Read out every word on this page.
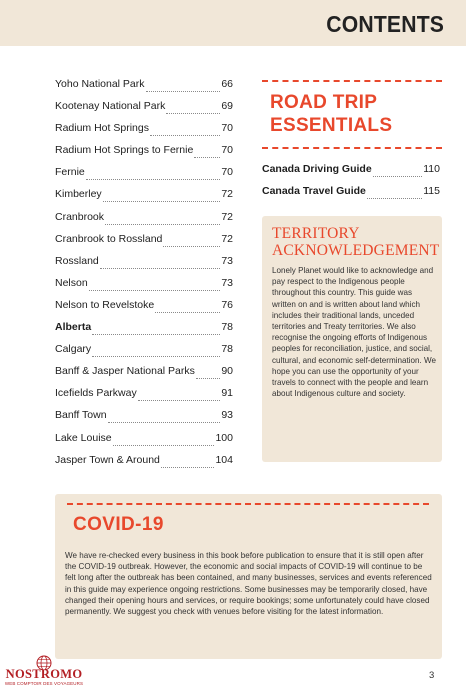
CONTENTS
Yoho National Park	66
Kootenay National Park	69
Radium Hot Springs	70
Radium Hot Springs to Fernie	70
Fernie	70
Kimberley	72
Cranbrook	72
Cranbrook to Rossland	72
Rossland	73
Nelson	73
Nelson to Revelstoke	76
Alberta	78
Calgary	78
Banff & Jasper National Parks	90
Icefields Parkway	91
Banff Town	93
Lake Louise	100
Jasper Town & Around	104
ROAD TRIP ESSENTIALS
Canada Driving Guide	110
Canada Travel Guide	115
TERRITORY ACKNOWLEDGEMENT
Lonely Planet would like to acknowledge and pay respect to the Indigenous people throughout this country. This guide was written on and is written about land which includes their traditional lands, unceded territories and Treaty territories. We also recognise the ongoing efforts of Indigenous peoples for reconciliation, justice, and social, cultural, and economic self-determination. We hope you can use the opportunity of your travels to connect with the people and learn about Indigenous culture and society.
COVID-19
We have re-checked every business in this book before publication to ensure that it is still open after the COVID-19 outbreak. However, the economic and social impacts of COVID-19 will continue to be felt long after the outbreak has been contained, and many businesses, services and events referenced in this guide may experience ongoing restrictions. Some businesses may be temporarily closed, have changed their opening hours and services, or require bookings; some unfortunately could have closed permanently. We suggest you check with venues before visiting for the latest information.
NOSTROMO
WEB COMPTOIR DES VOYAGEURS
3
